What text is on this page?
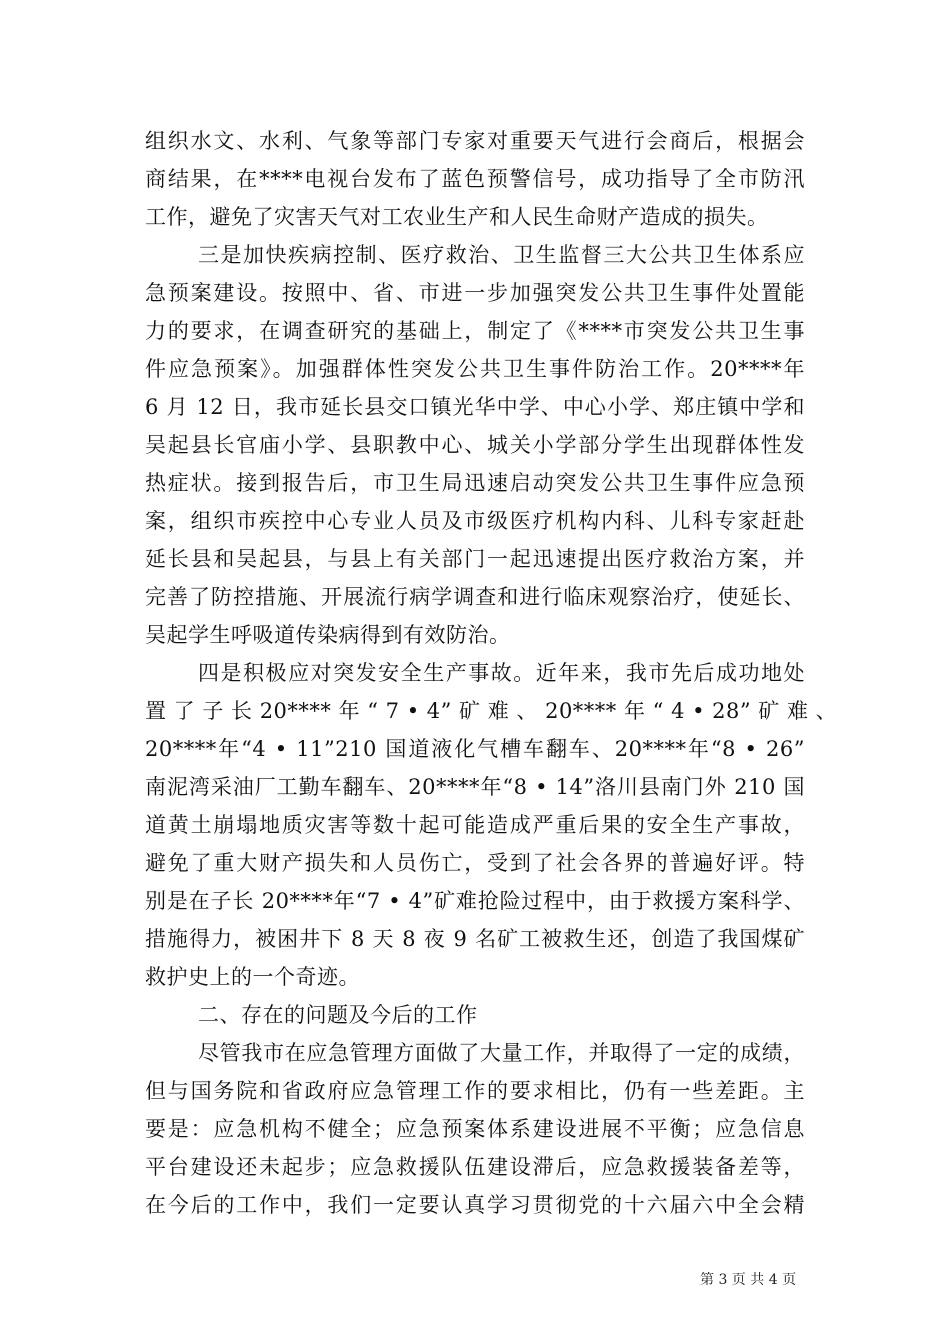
组织水文、水利、气象等部门专家对重要天气进行会商后，根据会
商结果，在****电视台发布了蓝色预警信号，成功指导了全市防汛
工作，避免了灾害天气对工农业生产和人民生命财产造成的损失。
三是加快疾病控制、医疗救治、卫生监督三大公共卫生体系应
急预案建设。按照中、省、市进一步加强突发公共卫生事件处置能
力的要求，在调查研究的基础上，制定了《****市突发公共卫生事
件应急预案》。加强群体性突发公共卫生事件防治工作。20****年
6 月 12 日，我市延长县交口镇光华中学、中心小学、郑庄镇中学和
吴起县长官庙小学、县职教中心、城关小学部分学生出现群体性发
热症状。接到报告后，市卫生局迅速启动突发公共卫生事件应急预
案，组织市疾控中心专业人员及市级医疗机构内科、儿科专家赶赴
延长县和吴起县，与县上有关部门一起迅速提出医疗救治方案，并
完善了防控措施、开展流行病学调查和进行临床观察治疗，使延长、
吴起学生呼吸道传染病得到有效防治。
四是积极应对突发安全生产事故。近年来，我市先后成功地处
置 了 子 长 20**** 年 “ 7 • 4” 矿 难 、 20**** 年 “ 4 • 28” 矿 难 、
20****年“4 • 11”210 国道液化气槽车翻车、20****年“8 • 26”
南泥湾采油厂工勤车翻车、20****年“8 • 14”洛川县南门外 210 国
道黄土崩塌地质灾害等数十起可能造成严重后果的安全生产事故，
避免了重大财产损失和人员伤亡，受到了社会各界的普遍好评。特
别是在子长 20****年“7 • 4”矿难抢险过程中，由于救援方案科学、
措施得力，被困井下 8 天 8 夜 9 名矿工被救生还，创造了我国煤矿
救护史上的一个奇迹。
二、存在的问题及今后的工作
尽管我市在应急管理方面做了大量工作，并取得了一定的成绩，
但与国务院和省政府应急管理工作的要求相比，仍有一些差距。主
要是：应急机构不健全；应急预案体系建设进展不平衡；应急信息
平台建设还未起步；应急救援队伍建设滞后，应急救援装备差等，
在今后的工作中，我们一定要认真学习贯彻党的十六届六中全会精
第 3 页 共 4 页
